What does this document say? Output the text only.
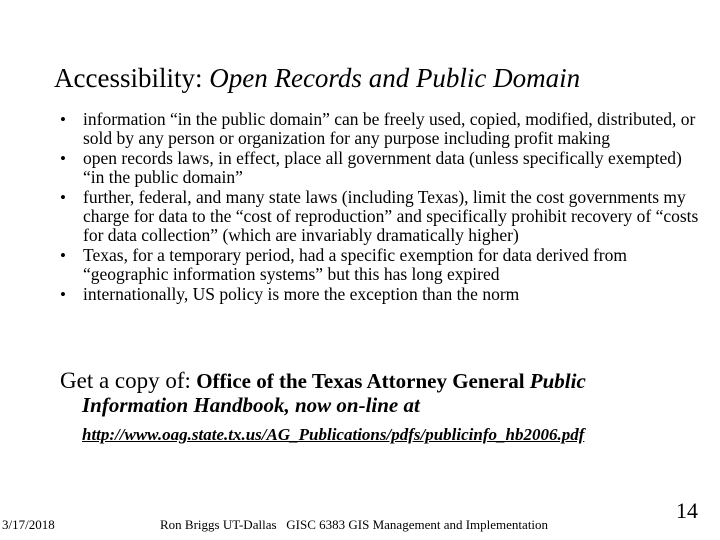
Accessibility: Open Records and Public Domain
• information “in the public domain” can be freely used, copied, modified, distributed, or sold by any person or organization for any purpose including profit making
• open records laws, in effect, place all government data (unless specifically exempted) “in the public domain”
• further, federal, and many state laws (including Texas), limit the cost governments my charge for data to the “cost of reproduction” and specifically prohibit recovery of “costs for data collection” (which are invariably dramatically higher)
• Texas, for a temporary period, had a specific exemption for data derived from “geographic information systems” but this has long expired
• internationally, US policy is more the exception than the norm
Get a copy of: Office of the Texas Attorney General Public
Information Handbook, now on-line at
http://www.oag.state.tx.us/AG_Publications/pdfs/publicinfo_hb2006.pdf
3/17/2018	Ron Briggs UT-Dallas GISC 6383 GIS Management and Implementation
14
